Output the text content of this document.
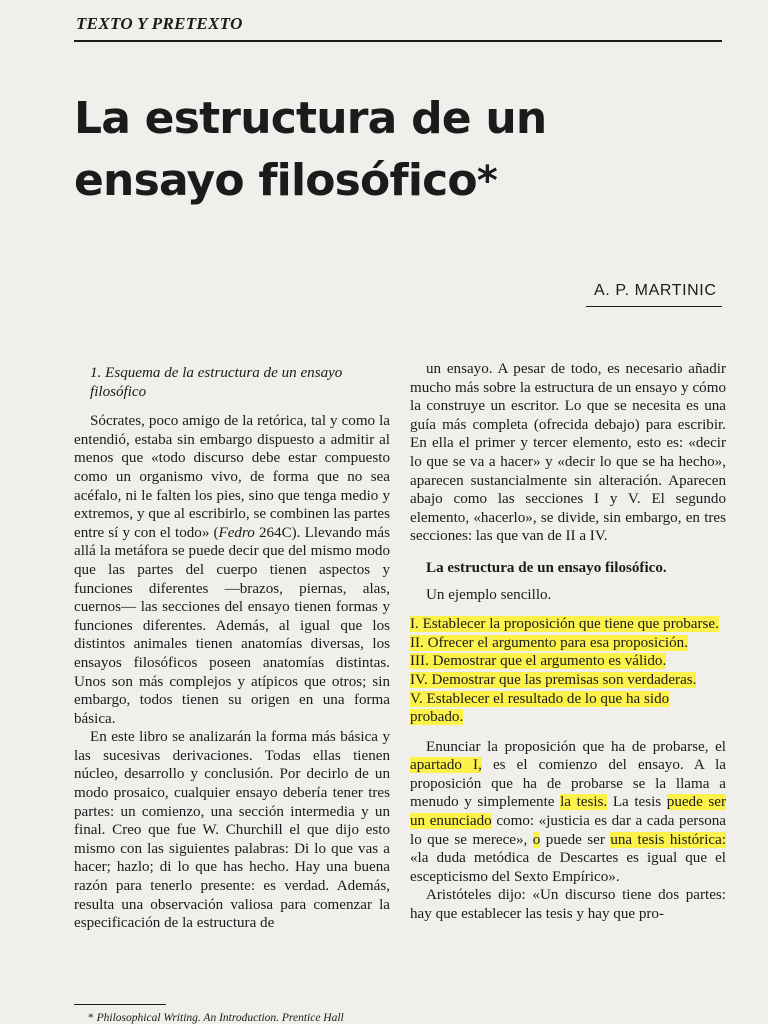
TEXTO Y PRETEXTO
La estructura de un ensayo filosófico*
A. P. MARTINIC

1. Esquema de la estructura de un ensayo filosófico

Sócrates, poco amigo de la retórica, tal y como la entendió, estaba sin embargo dispuesto a admitir al menos que «todo discurso debe estar compuesto como un organismo vivo, de forma que no sea acéfalo, ni le falten los pies, sino que tenga medio y extremos, y que al escribirlo, se combinen las partes entre sí y con el todo» (Fedro 264C). Llevando más allá la metáfora se puede decir que del mismo modo que las partes del cuerpo tienen aspectos y funciones diferentes —brazos, piernas, alas, cuernos— las secciones del ensayo tienen formas y funciones diferentes. Además, al igual que los distintos animales tienen anatomías diversas, los ensayos filosóficos poseen anatomías distintas. Unos son más complejos y atípicos que otros; sin embargo, todos tienen su origen en una forma básica.

En este libro se analizarán la forma más básica y las sucesivas derivaciones. Todas ellas tienen núcleo, desarrollo y conclusión. Por decirlo de un modo prosaico, cualquier ensayo debería tener tres partes: un comienzo, una sección intermedia y un final. Creo que fue W. Churchill el que dijo esto mismo con las siguientes palabras: Di lo que vas a hacer; hazlo; di lo que has hecho. Hay una buena razón para tenerlo presente: es verdad. Además, resulta una observación valiosa para comenzar la especificación de la estructura de

un ensayo. A pesar de todo, es necesario añadir mucho más sobre la estructura de un ensayo y cómo la construye un escritor. Lo que se necesita es una guía más completa (ofrecida debajo) para escribir. En ella el primer y tercer elemento, esto es: «decir lo que se va a hacer» y «decir lo que se ha hecho», aparecen sustancialmente sin alteración. Aparecen abajo como las secciones I y V. El segundo elemento, «hacerlo», se divide, sin embargo, en tres secciones: las que van de II a IV.

La estructura de un ensayo filosófico.

Un ejemplo sencillo.

I. Establecer la proposición que tiene que probarse.
II. Ofrecer el argumento para esa proposición.
III. Demostrar que el argumento es válido.
IV. Demostrar que las premisas son verdaderas.
V. Establecer el resultado de lo que ha sido probado.

Enunciar la proposición que ha de probarse, el apartado I, es el comienzo del ensayo. A la proposición que ha de probarse se la llama a menudo y simplemente la tesis. La tesis puede ser un enunciado como: «justicia es dar a cada persona lo que se merece», o puede ser una tesis histórica: «la duda metódica de Descartes es igual que el escepticismo del Sexto Empírico».

Aristóteles dijo: «Un discurso tiene dos partes: hay que establecer las tesis y hay que pro-

* Philosophical Writing. An Introduction. Prentice Hall
